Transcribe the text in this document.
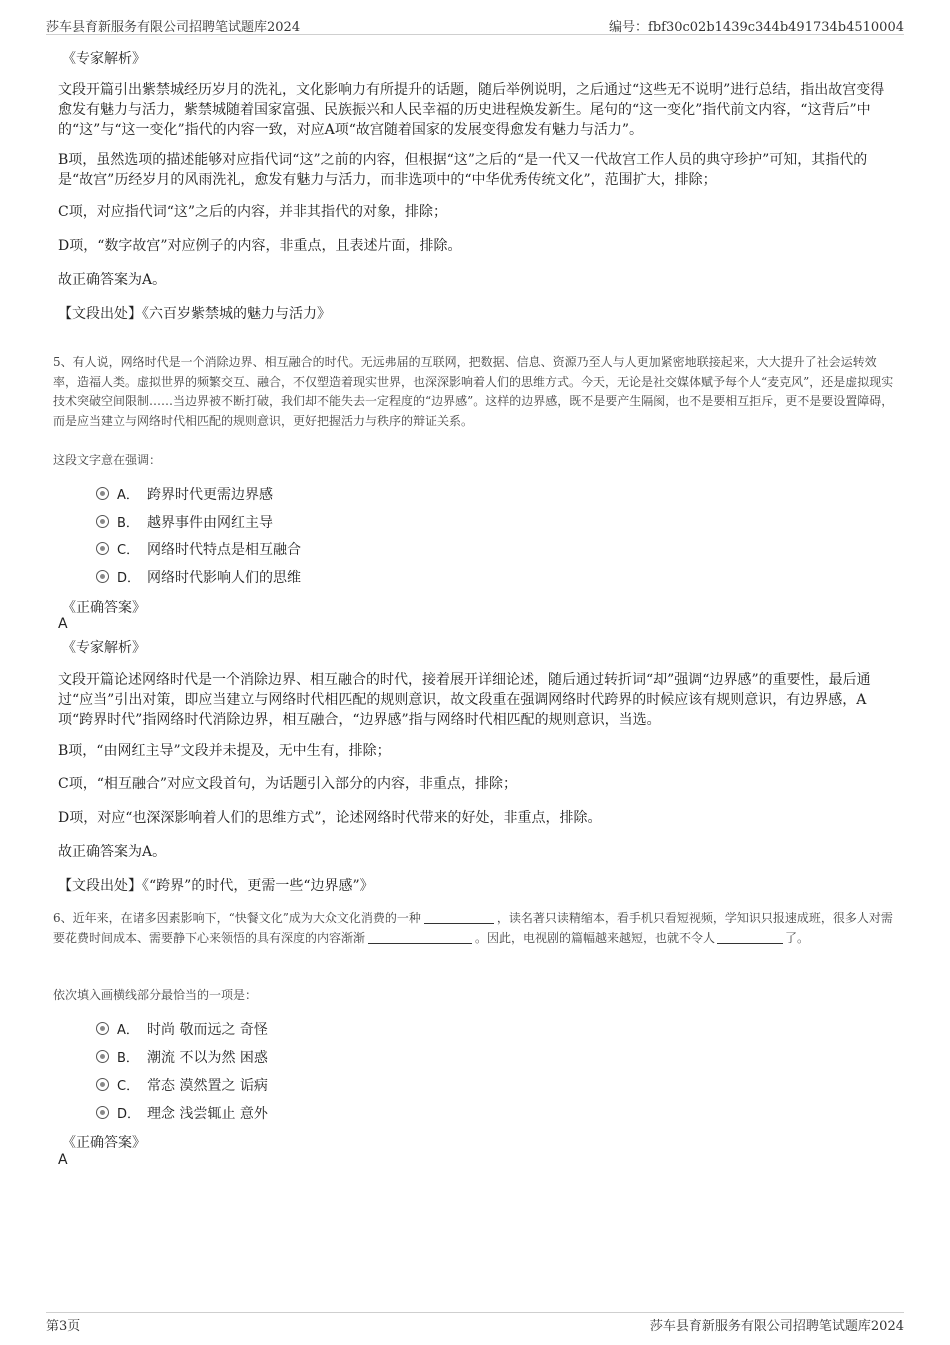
莎车县育新服务有限公司招聘笔试题库2024	编号：fbf30c02b1439c344b491734b4510004
《专家解析》
文段开篇引出紫禁城经历岁月的洗礼，文化影响力有所提升的话题，随后举例说明，之后通过“这些无不说明”进行总结，指出故宫变得愈发有魅力与活力，紫禁城随着国家富强、民族振兴和人民幸福的历史进程焕发新生。尾句的“这一变化”指代前文内容，“这背后”中的“这”与“这一变化”指代的内容一致，对应A项“故宫随着国家的发展变得愈发有魅力与活力”。
B项，虽然选项的描述能够对应指代词“这”之前的内容，但根据“这”之后的“是一代又一代故宫工作人员的典守珍护”可知，其指代的是“故宫”历经岁月的风雨洗礼，愈发有魅力与活力，而非选项中的“中华优秀传统文化”，范围扩大，排除；
C项，对应指代词“这”之后的内容，并非其指代的对象，排除；
D项，“数字故宫”对应例子的内容，非重点，且表述片面，排除。
故正确答案为A。
【文段出处】《六百岁紫禁城的魅力与活力》
5、有人说，网络时代是一个消除边界、相互融合的时代。无远弗届的互联网，把数据、信息、资源乃至人与人更加紧密地联接起来，大大提升了社会运转效率，造福人类。虚拟世界的频繁交互、融合，不仅塑造着现实世界，也深深影响着人们的思维方式。今天，无论是社交媒体赋予每个人“麦克风”，还是虚拟现实技术突破空间限制……当边界被不断打破，我们却不能失去一定程度的“边界感”。这样的边界感，既不是要产生隔阂，也不是要相互拒斥，更不是要设置障碍，而是应当建立与网络时代相匹配的规则意识，更好把握活力与秩序的辩证关系。
这段文字意在强调：
A． 跨界时代更需边界感
B． 越界事件由网红主导
C． 网络时代特点是相互融合
D． 网络时代影响人们的思维
《正确答案》
A
《专家解析》
文段开篇论述网络时代是一个消除边界、相互融合的时代，接着展开详细论述，随后通过转折词“却”强调“边界感”的重要性，最后通过“应当”引出对策，即应当建立与网络时代相匹配的规则意识，故文段重在强调网络时代跨界的时候应该有规则意识，有边界感，A项“跨界时代”指网络时代消除边界，相互融合，“边界感”指与网络时代相匹配的规则意识，当选。
B项，“由网红主导”文段并未提及，无中生有，排除；
C项，“相互融合”对应文段首句，为话题引入部分的内容，非重点，排除；
D项，对应“也深深影响着人们的思维方式”，论述网络时代带来的好处，非重点，排除。
故正确答案为A。
【文段出处】《“跨界”的时代，更需一些“边界感”》
6、近年来，在诸多因素影响下，“快餐文化”成为大众文化消费的一种	，读名著只读精缩本，看手机只看短视频，学知识只报速成班，很多人对需要花费时间成本、需要静下心来领悟的具有深度的内容渐渐	。因此，电视剧的篇幅越来越短，也就不令人	了。
依次填入画横线部分最恰当的一项是：
A． 时尚 敬而远之 奇怪
B． 潮流 不以为然 困惑
C． 常态 漠然置之 诟病
D． 理念 浅尝辄止 意外
《正确答案》
A
第3页	莎车县育新服务有限公司招聘笔试题库2024
